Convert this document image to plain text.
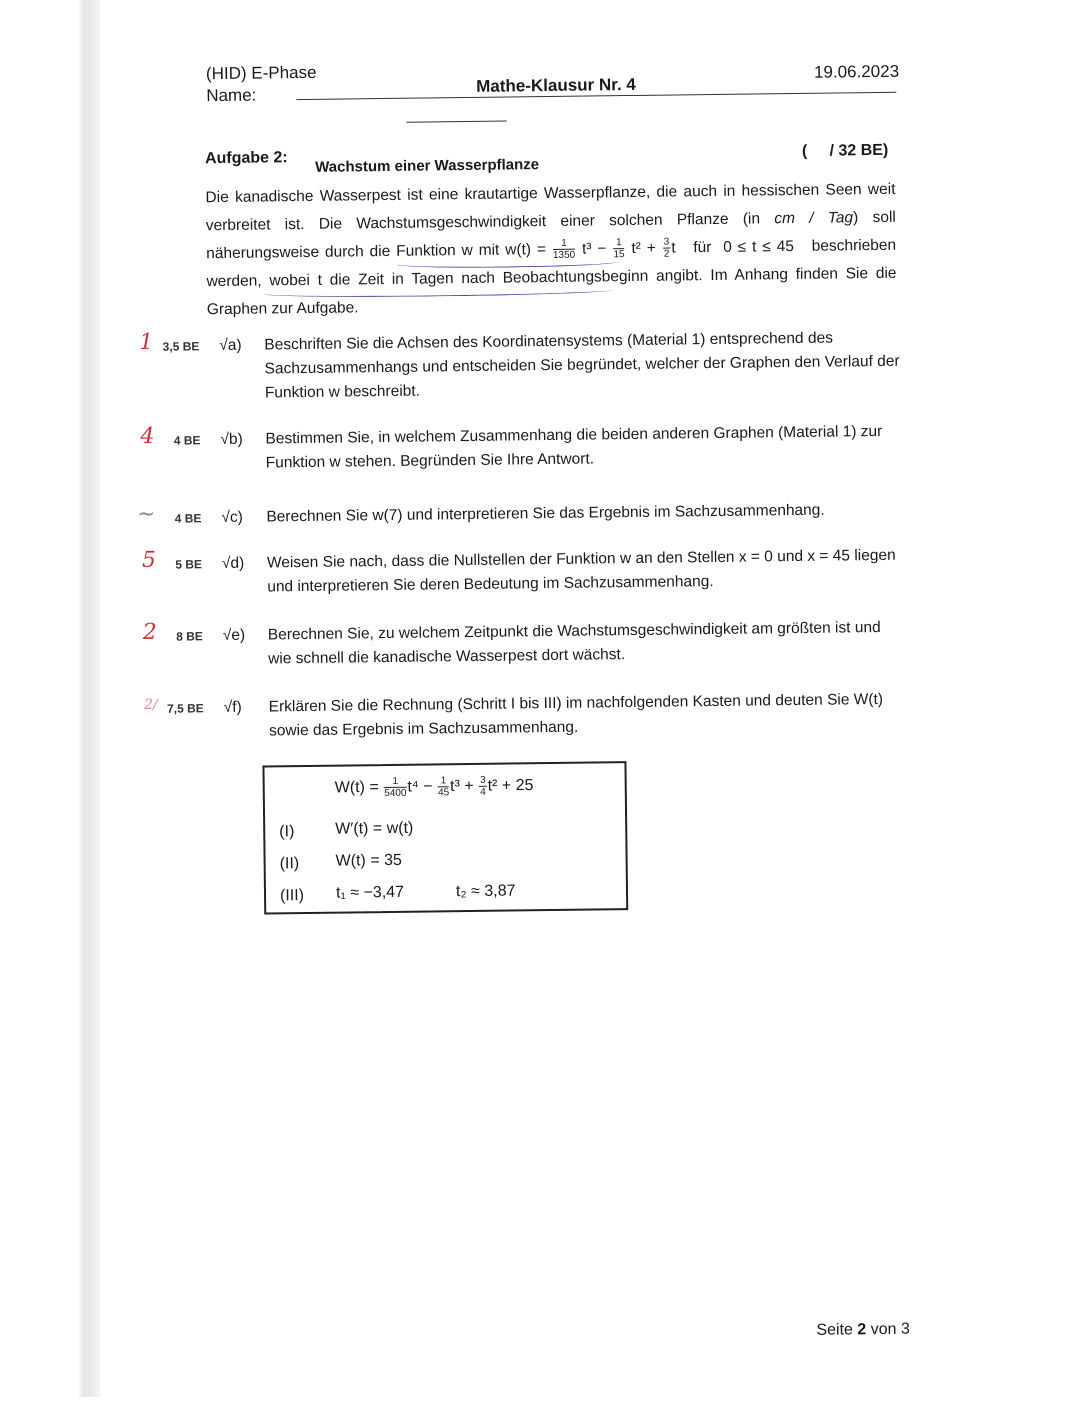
(HID) E-Phase
Name:	Mathe-Klausur Nr. 4
19.06.2023
Aufgabe 2: Wachstum einer Wasserpflanze
(     / 32 BE)

Die kanadische Wasserpest ist eine krautartige Wasserpflanze, die auch in hessischen Seen weit verbreitet ist. Die Wachstumsgeschwindigkeit einer solchen Pflanze (in cm / Tag) soll näherungsweise durch die Funktion w mit $w(t) = \frac{1}{1350} t^3 - \frac{1}{15} t^2 + \frac{3}{2}$ t   für  0 ≤ t ≤ 45   beschrieben werden, wobei t die Zeit in Tagen nach Beobachtungsbeginn angibt. Im Anhang finden Sie die Graphen zur Aufgabe.

1 3,5 BE √a) Beschriften Sie die Achsen des Koordinatensystems (Material 1) entsprechend des Sachzusammenhangs und entscheiden Sie begründet, welcher der Graphen den Verlauf der Funktion w beschreibt.
4	4 BE √b) Bestimmen Sie, in welchem Zusammenhang die beiden anderen Graphen (Material 1) zur Funktion w stehen. Begründen Sie Ihre Antwort.
~	4 BE √c) Berechnen Sie w(7) und interpretieren Sie das Ergebnis im Sachzusammenhang.
5	5 BE √d) Weisen Sie nach, dass die Nullstellen der Funktion w an den Stellen x = 0 und x = 45 liegen und interpretieren Sie deren Bedeutung im Sachzusammenhang.
2	8 BE √e) Berechnen Sie, zu welchem Zeitpunkt die Wachstumsgeschwindigkeit am größten ist und wie schnell die kanadische Wasserpest dort wächst.
2/ 7,5 BE √f) Erklären Sie die Rechnung (Schritt I bis III) im nachfolgenden Kasten und deuten Sie W(t) sowie das Ergebnis im Sachzusammenhang.
$W(t) = \frac{1}{5400} t^4 - \frac{1}{45} t^3 + \frac{3}{4} t^2 + 25$
(I)	W′(t) = w(t)
(II) W(t) = 35
(III) t₁ ≈ −3,47	t₂ ≈ 3,87
Seite 2 von 3
